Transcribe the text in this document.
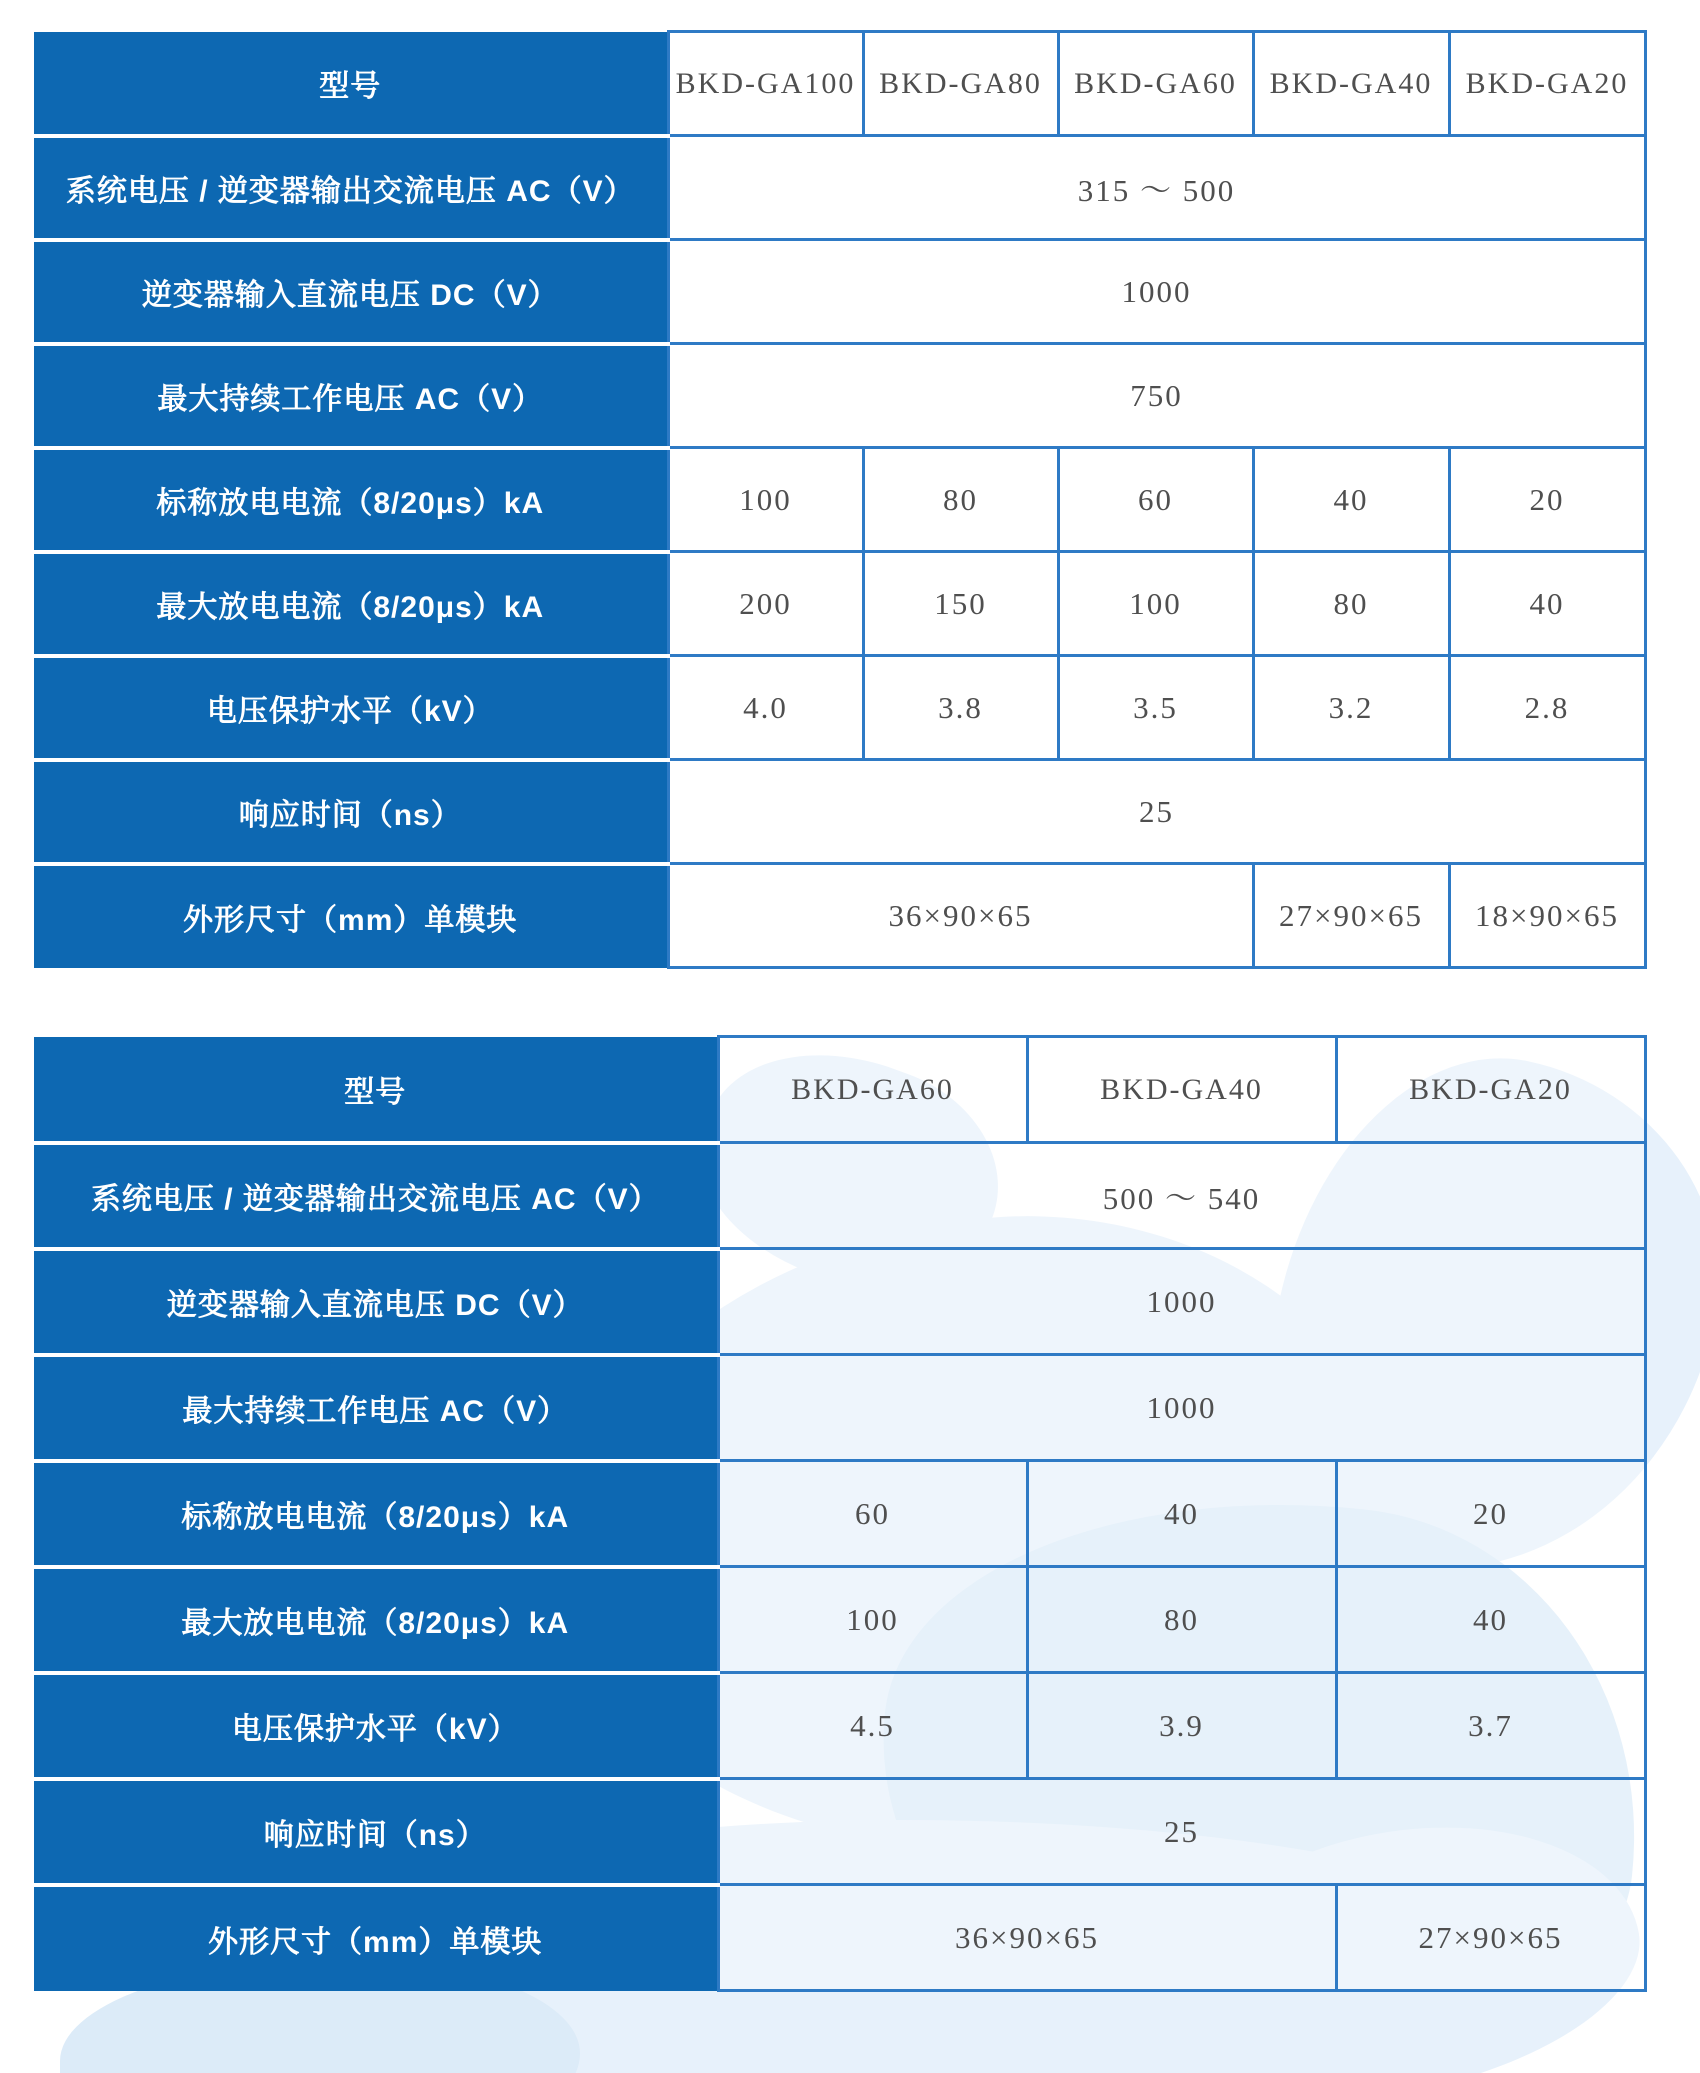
型号	BKD-GA100	BKD-GA80	BKD-GA60	BKD-GA40	BKD-GA20
系统电压 / 逆变器输出交流电压 AC（V）	315 ～ 500				
逆变器输入直流电压 DC（V）	1000				
最大持续工作电压 AC（V）	750				
标称放电电流（8/20μs）kA	100	80	60	40	20
最大放电电流（8/20μs）kA	200	150	100	80	40
电压保护水平（kV）	4.0	3.8	3.5	3.2	2.8
响应时间（ns）	25				
外形尺寸（mm）单模块	36×90×65			27×90×65	18×90×65
型号	BKD-GA60	BKD-GA40	BKD-GA20
系统电压 / 逆变器输出交流电压 AC（V）	500 ～ 540		
逆变器输入直流电压 DC（V）	1000		
最大持续工作电压 AC（V）	1000		
标称放电电流（8/20μs）kA	60	40	20
最大放电电流（8/20μs）kA	100	80	40
电压保护水平（kV）	4.5	3.9	3.7
响应时间（ns）	25		
外形尺寸（mm）单模块	36×90×65		27×90×65
